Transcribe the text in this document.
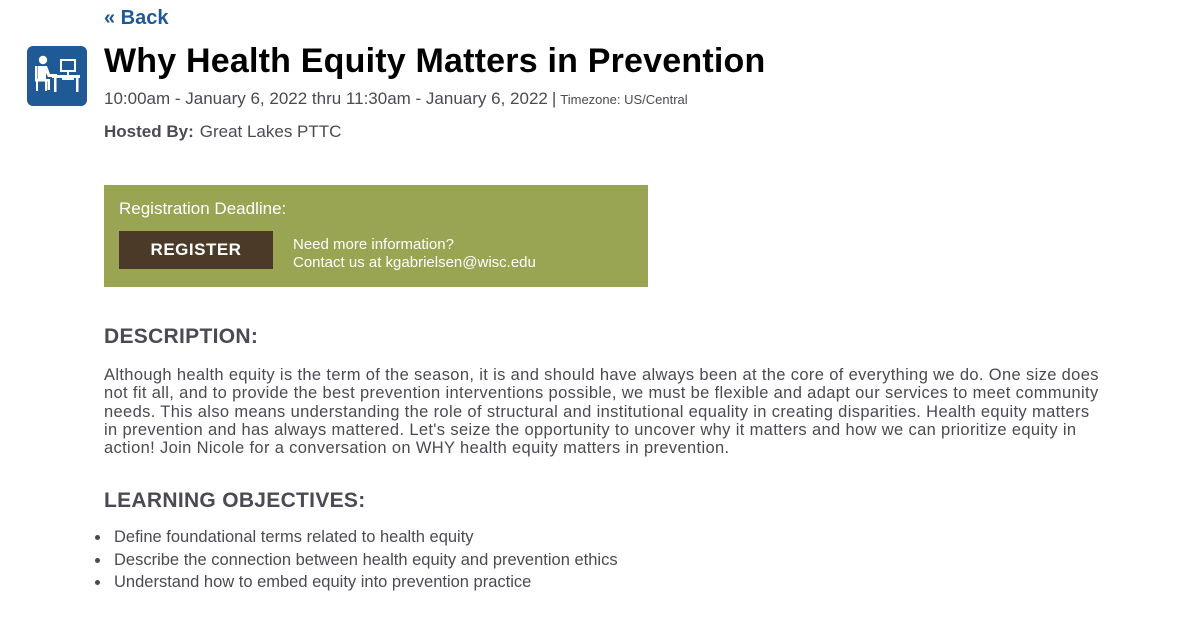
« Back
Why Health Equity Matters in Prevention
10:00am - January 6, 2022 thru 11:30am - January 6, 2022 | Timezone: US/Central
Hosted By: Great Lakes PTTC
Registration Deadline:
REGISTER	Need more information?
Contact us at kgabrielsen@wisc.edu
DESCRIPTION:

Although health equity is the term of the season, it is and should have always been at the core of everything we do. One size does not fit all, and to provide the best prevention interventions possible, we must be flexible and adapt our services to meet community needs. This also means understanding the role of structural and institutional equality in creating disparities. Health equity matters in prevention and has always mattered. Let's seize the opportunity to uncover why it matters and how we can prioritize equity in action! Join Nicole for a conversation on WHY health equity matters in prevention.

LEARNING OBJECTIVES:
Define foundational terms related to health equity
Describe the connection between health equity and prevention ethics
Understand how to embed equity into prevention practice
